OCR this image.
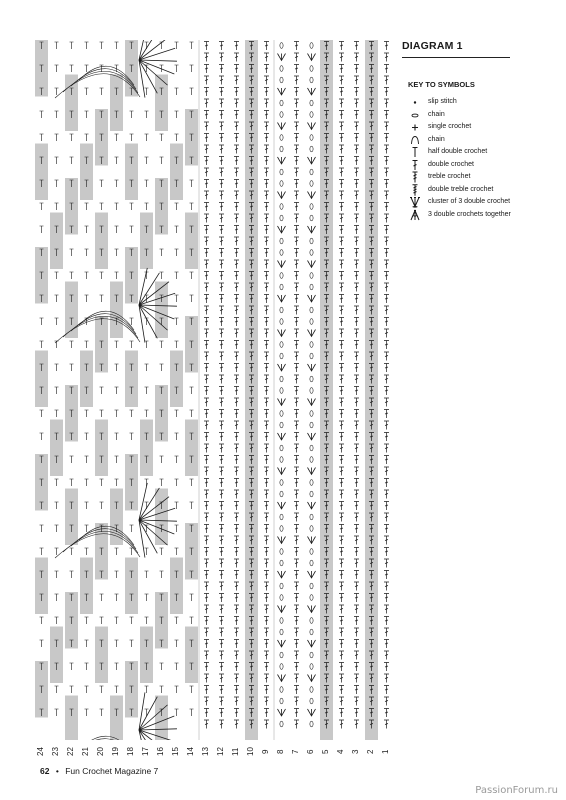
24 23 22 21 20 19 18 17 16 15 14 13 12 11 10 9 8 7 6 5 4 3 2 1
DIAGRAM 1
KEY TO SYMBOLS
slip stitch
chain
single crochet
chain
half double crochet
double crochet
treble crochet
double treble crochet
cluster of 3 double crochet
3 double crochets together
62 • Fun Crochet Magazine 7
PassionForum.ru
